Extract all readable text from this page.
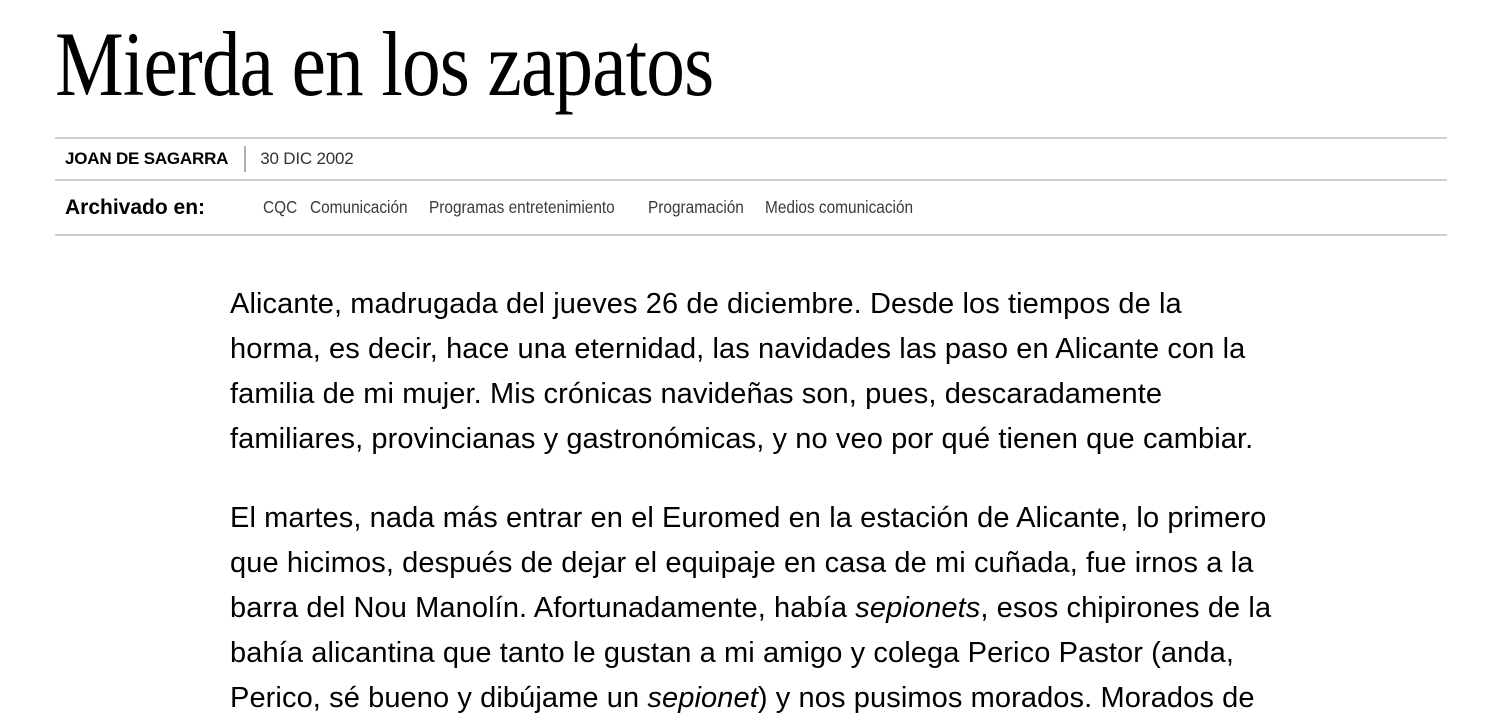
Mierda en los zapatos
JOAN DE SAGARRA 30 DIC 2002
Archivado en:	CQC Comunicación Programas entretenimiento Programación Medios comunicación

Alicante, madrugada del jueves 26 de diciembre. Desde los tiempos de la
horma, es decir, hace una eternidad, las navidades las paso en Alicante con la
familia de mi mujer. Mis crónicas navideñas son, pues, descaradamente
familiares, provincianas y gastronómicas, y no veo por qué tienen que cambiar.

El martes, nada más entrar en el Euromed en la estación de Alicante, lo primero
que hicimos, después de dejar el equipaje en casa de mi cuñada, fue irnos a la
barra del Nou Manolín. Afortunadamente, había sepionets, esos chipirones de la
bahía alicantina que tanto le gustan a mi amigo y colega Perico Pastor (anda,
Perico, sé bueno y dibújame un sepionet) y nos pusimos morados. Morados de
